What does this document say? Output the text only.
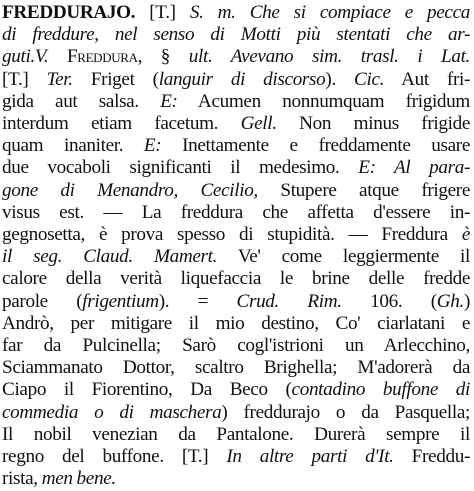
FREDDURAJO. [T.] S. m. Che si compiace e pecca
di freddure, nel senso di Motti più stentati che ar-
guti.V. Freddura, § ult. Avevano sim. trasl. i Lat.
[T.] Ter. Friget (languir di discorso). Cic. Aut fri-
gida aut salsa. E: Acumen nonnumquam frigidum
interdum etiam facetum. Gell. Non minus frigide
quam inaniter. E: Inettamente e freddamente usare
due vocaboli significanti il medesimo. E: Al para-
gone di Menandro, Cecilio, Stupere atque frigere
visus est. — La freddura che affetta d'essere in-
gegnosetta, è prova spesso di stupidità. — Freddura è
il seg. Claud. Mamert. Ve' come leggiermente il
calore della verità liquefaccia le brine delle fredde
parole (frigentium). = Crud. Rim. 106. (Gh.)
Andrò, per mitigare il mio destino, Co' ciarlatani e
far da Pulcinella; Sarò cogl'istrioni un Arlecchino,
Sciammanato Dottor, scaltro Brighella; M'adorerà da
Ciapo il Fiorentino, Da Beco (contadino buffone di
commedia o di maschera) freddurajo o da Pasquella;
Il nobil venezian da Pantalone. Durerà sempre il
regno del buffone. [T.] In altre parti d'It. Freddu-
rista, men bene.
